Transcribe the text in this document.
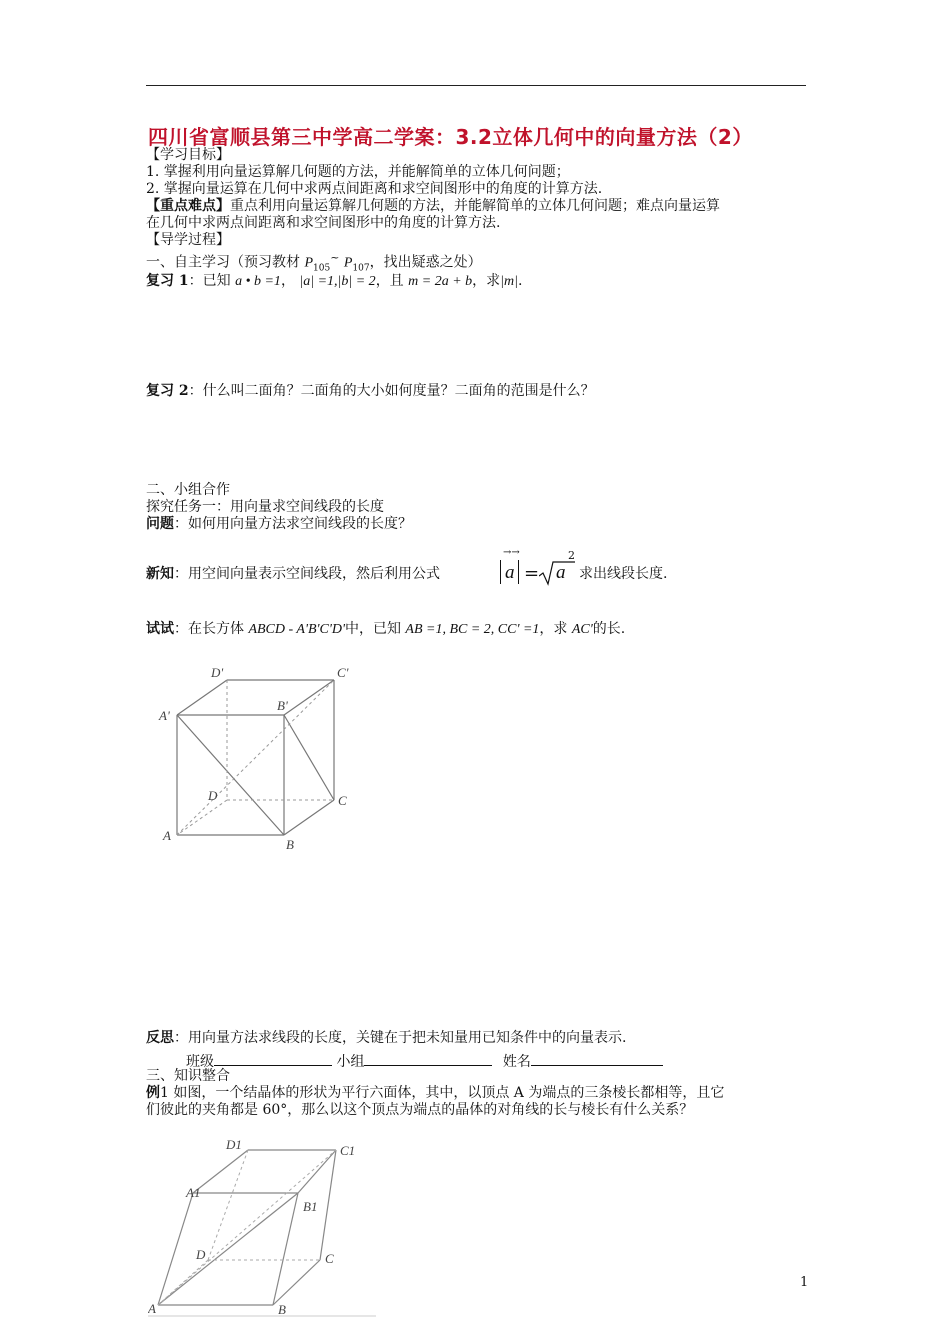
四川省富顺县第三中学高二学案：3.2立体几何中的向量方法（2）
【学习目标】
1. 掌握利用向量运算解几何题的方法，并能解简单的立体几何问题；
2. 掌握向量运算在几何中求两点间距离和求空间图形中的角度的计算方法.
【重点难点】重点利用向量运算解几何题的方法，并能解简单的立体几何问题；难点向量运算
在几何中求两点间距离和求空间图形中的角度的计算方法.
【导学过程】
一、自主学习（预习教材 $P_{105}^\sim$ $P_{107}$，找出疑惑之处）
复习 1：已知 a • b =1， |a| =1,|b| = 2，且 m = 2a + b，求|m|.
复习 2：什么叫二面角？二面角的大小如何度量？二面角的范围是什么？
二、小组合作
探究任务一：用向量求空间线段的长度
问题：如何用向量方法求空间线段的长度？
新知：用空间向量表示空间线段，然后利用公式
→→
a = a
2
求出线段长度.
试试：在长方体 ABCD - A'B'C'D'中，已知 AB =1, BC = 2, CC' =1，求 AC'的长.
D'	C'
A'
B'
D	C
A
B
反思：用向量方法求线段的长度，关键在于把未知量用已知条件中的向量表示.
班级	小组	姓名
三、知识整合
例1 如图，一个结晶体的形状为平行六面体，其中，以顶点 A 为端点的三条棱长都相等，且它
们彼此的夹角都是 60°，那么以这个顶点为端点的晶体的对角线的长与棱长有什么关系？
D1	C1
A1
B1
D	C
A	B
1
